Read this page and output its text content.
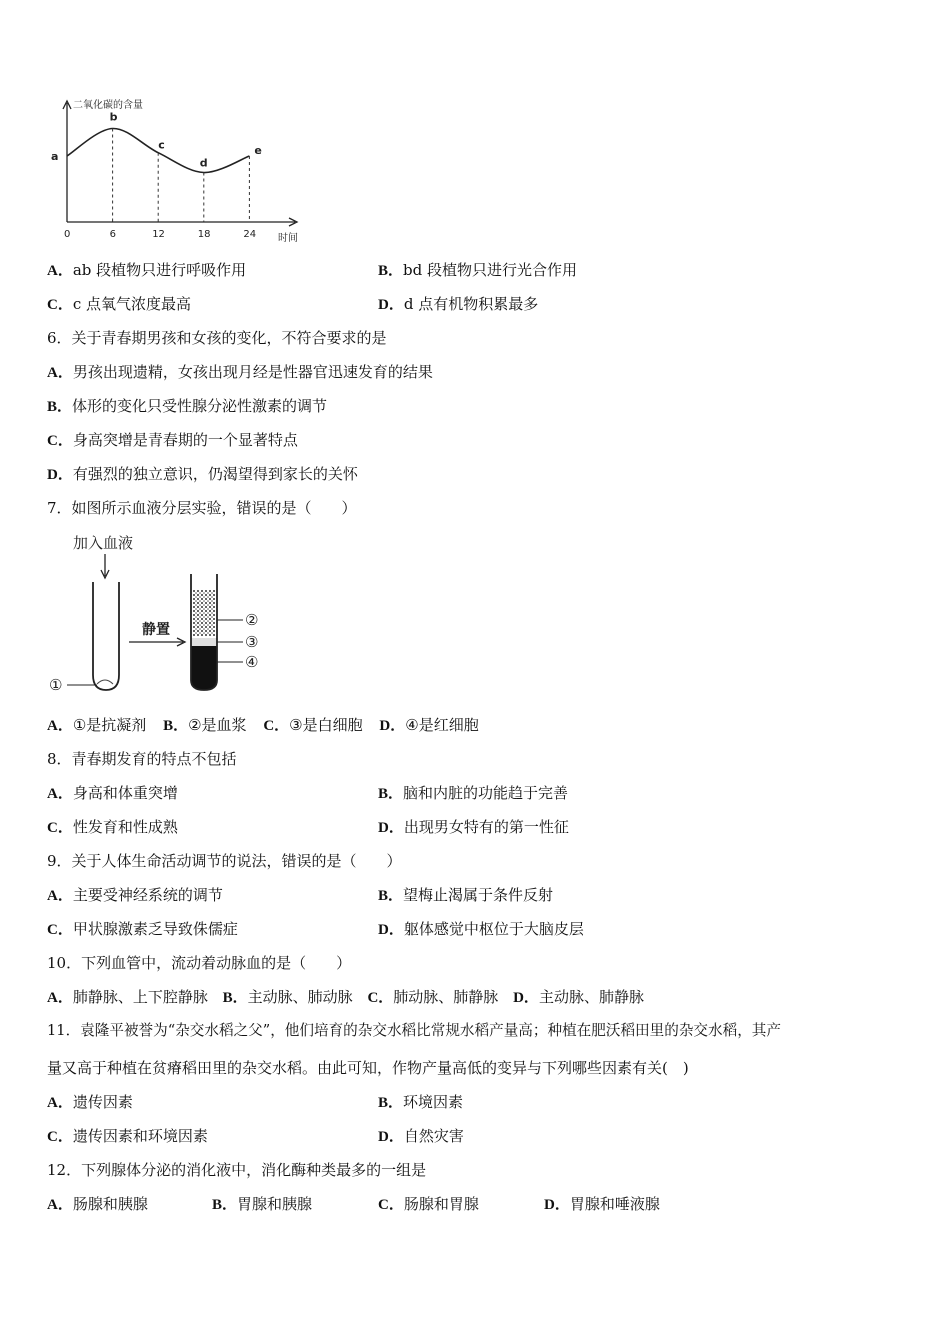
a
b
c
d
e
0	6	12	18	24
二氧化碳的含量
时间
A．ab 段植物只进行呼吸作用	B．bd 段植物只进行光合作用
C．c 点氧气浓度最高	D．d 点有机物积累最多
6．关于青春期男孩和女孩的变化，不符合要求的是
A．男孩出现遗精，女孩出现月经是性器官迅速发育的结果
B．体形的变化只受性腺分泌性激素的调节
C．身高突增是青春期的一个显著特点
D．有强烈的独立意识，仍渴望得到家长的关怀
7．如图所示血液分层实验，错误的是（　　）
加入血液
①
静置
②
③
④
A．①是抗凝剂 B．②是血浆 C．③是白细胞 D．④是红细胞
8．青春期发育的特点不包括
A．身高和体重突增	B．脑和内脏的功能趋于完善
C．性发育和性成熟	D．出现男女特有的第一性征
9．关于人体生命活动调节的说法，错误的是（　　）
A．主要受神经系统的调节	B．望梅止渴属于条件反射
C．甲状腺激素乏导致侏儒症	D．躯体感觉中枢位于大脑皮层
10．下列血管中，流动着动脉血的是（　　）
A．肺静脉、上下腔静脉 B．主动脉、肺动脉 C．肺动脉、肺静脉 D．主动脉、肺静脉
11．袁隆平被誉为“杂交水稻之父”，他们培育的杂交水稻比常规水稻产量高；种植在肥沃稻田里的杂交水稻，其产
量又高于种植在贫瘠稻田里的杂交水稻。由此可知，作物产量高低的变异与下列哪些因素有关(　)
A．遗传因素	B．环境因素
C．遗传因素和环境因素	D．自然灾害
12．下列腺体分泌的消化液中，消化酶种类最多的一组是
A．肠腺和胰腺	B．胃腺和胰腺	C．肠腺和胃腺	D．胃腺和唾液腺
